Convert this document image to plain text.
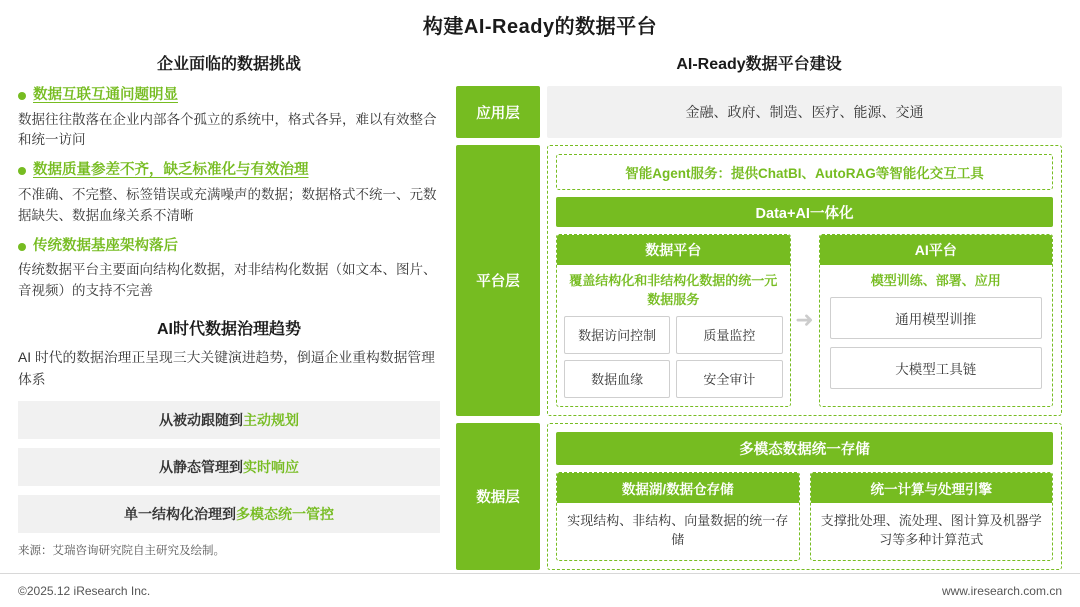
构建AI-Ready的数据平台
企业面临的数据挑战
数据互联互通问题明显
数据往往散落在企业内部各个孤立的系统中，格式各异，难以有效整合和统一访问
数据质量参差不齐，缺乏标准化与有效治理
不准确、不完整、标签错误或充满噪声的数据；数据格式不统一、元数据缺失、数据血缘关系不清晰
传统数据基座架构落后
传统数据平台主要面向结构化数据，对非结构化数据（如文本、图片、音视频）的支持不完善
AI时代数据治理趋势
AI 时代的数据治理正呈现三大关键演进趋势，倒逼企业重构数据管理体系
从 被动跟随 到 主动规划
从 静态管理 到 实时响应
单一结构化治理 到 多模态统一管控
来源：艾瑞咨询研究院自主研究及绘制。
AI-Ready数据平台建设
应用层	金融、政府、制造、医疗、能源、交通
平台层
智能Agent服务：提供ChatBI、AutoRAG等智能化交互工具
Data+AI一体化
数据平台
覆盖结构化和非结构化数据的统一元数据服务
数据访问控制	质量监控
数据血缘	安全审计
➜
AI平台
模型训练、部署、应用
通用模型训推
大模型工具链
数据层
多模态数据统一存储
数据湖/数据仓存储
实现结构、非结构、向量数据的统一存储
统一计算与处理引擎
支撑批处理、流处理、图计算及机器学习等多种计算范式
©2025.12 iResearch Inc.	www.iresearch.com.cn
